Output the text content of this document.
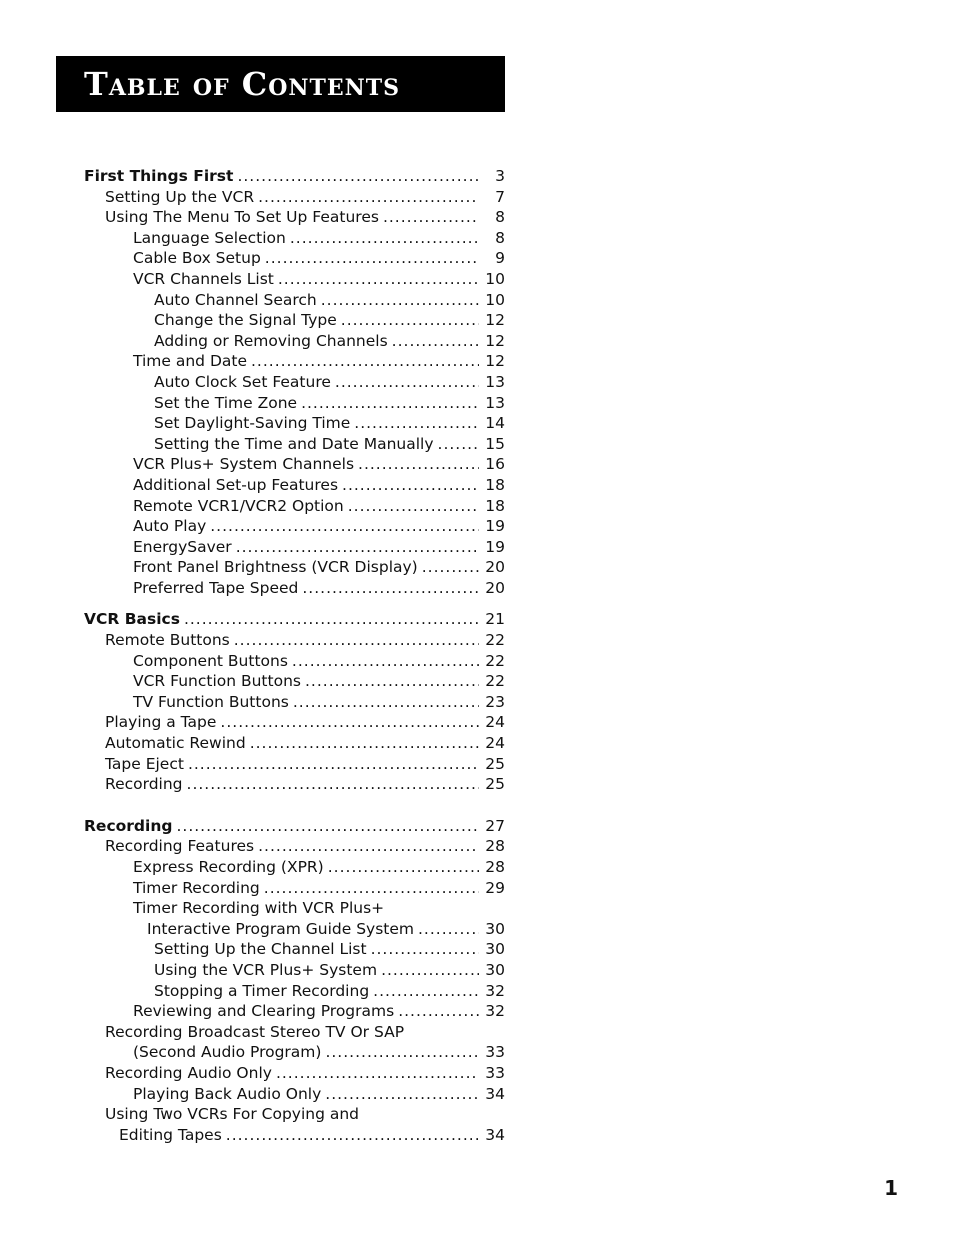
Table of Contents
First Things First .....	3
Setting Up the VCR .....	7
Using The Menu To Set Up Features .....	8
Language Selection .....	8
Cable Box Setup .....	9
VCR Channels List .....	10
Auto Channel Search .....	10
Change the Signal Type .....	12
Adding or Removing Channels .....	12
Time and Date .....	12
Auto Clock Set Feature .....	13
Set the Time Zone .....	13
Set Daylight-Saving Time .....	14
Setting the Time and Date Manually .....	15
VCR Plus+ System Channels .....	16
Additional Set-up Features .....	18
Remote VCR1/VCR2 Option .....	18
Auto Play .....	19
EnergySaver .....	19
Front Panel Brightness (VCR Display) .....	20
Preferred Tape Speed .....	20
VCR Basics .....	21
Remote Buttons .....	22
Component Buttons .....	22
VCR Function Buttons .....	22
TV Function Buttons .....	23
Playing a Tape .....	24
Automatic Rewind .....	24
Tape Eject .....	25
Recording .....	25
Recording .....	27
Recording Features .....	28
Express Recording (XPR) .....	28
Timer Recording .....	29
Timer Recording with VCR Plus+
Interactive Program Guide System .....	30
Setting Up the Channel List .....	30
Using the VCR Plus+ System .....	30
Stopping a Timer Recording .....	32
Reviewing and Clearing Programs .....	32
Recording Broadcast Stereo TV Or SAP
(Second Audio Program) .....	33
Recording Audio Only .....	33
Playing Back Audio Only .....	34
Using Two VCRs For Copying and
Editing Tapes .....	34
1
